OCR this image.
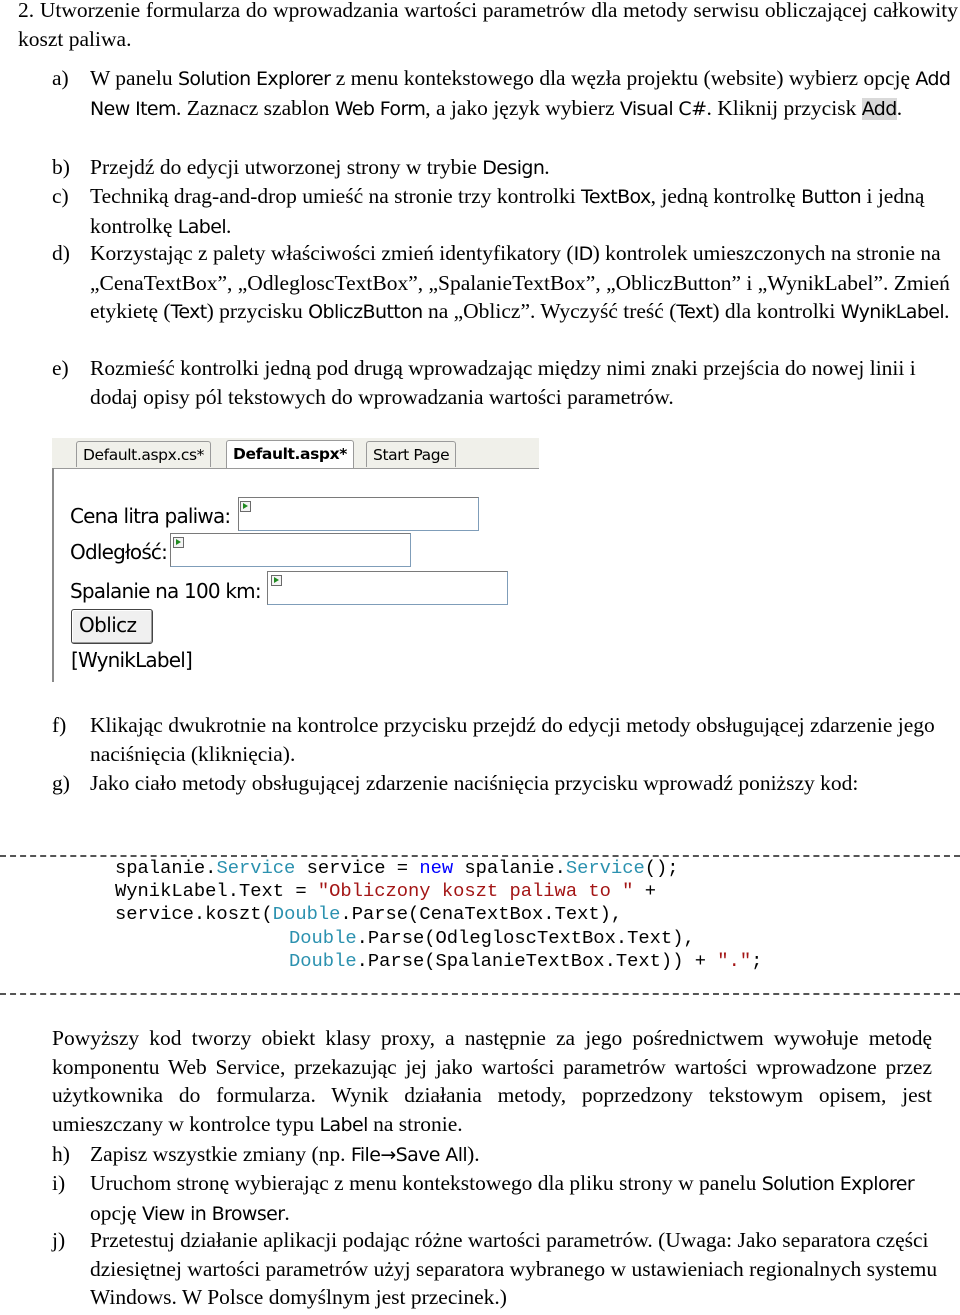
2. Utworzenie formularza do wprowadzania wartości parametrów dla metody serwisu obliczającej całkowity koszt paliwa.
a) W panelu Solution Explorer z menu kontekstowego dla węzła projektu (website) wybierz opcję Add New Item. Zaznacz szablon Web Form, a jako język wybierz Visual C#. Kliknij przycisk Add.
b) Przejdź do edycji utworzonej strony w trybie Design.
c) Techniką drag-and-drop umieść na stronie trzy kontrolki TextBox, jedną kontrolkę Button i jedną kontrolkę Label.
d) Korzystając z palety właściwości zmień identyfikatory (ID) kontrolek umieszczonych na stronie na „CenaTextBox”, „OdlegloscTextBox”, „SpalanieTextBox”, „ObliczButton” i „WynikLabel”. Zmień etykietę (Text) przycisku ObliczButton na „Oblicz”. Wyczyść treść (Text) dla kontrolki WynikLabel.
e) Rozmieść kontrolki jedną pod drugą wprowadzając między nimi znaki przejścia do nowej linii i dodaj opisy pól tekstowych do wprowadzania wartości parametrów.
Default.aspx.cs*	Default.aspx*	Start Page
Cena litra paliwa:
Odległość:
Spalanie na 100 km:
Oblicz
[WynikLabel]
f) Klikając dwukrotnie na kontrolce przycisku przejdź do edycji metody obsługującej zdarzenie jego naciśnięcia (kliknięcia).
g) Jako ciało metody obsługującej zdarzenie naciśnięcia przycisku wprowadź poniższy kod:
spalanie.Service service = new spalanie.Service();
WynikLabel.Text = "Obliczony koszt paliwa to " +
service.koszt(Double.Parse(CenaTextBox.Text),
Double.Parse(OdlegloscTextBox.Text),
Double.Parse(SpalanieTextBox.Text)) + ".";
Powyższy kod tworzy obiekt klasy proxy, a następnie za jego pośrednictwem wywołuje metodę komponentu Web Service, przekazując jej jako wartości parametrów wartości wprowadzone przez użytkownika do formularza. Wynik działania metody, poprzedzony tekstowym opisem, jest umieszczany w kontrolce typu Label na stronie.
h) Zapisz wszystkie zmiany (np. File→Save All).
i) Uruchom stronę wybierając z menu kontekstowego dla pliku strony w panelu Solution Explorer opcję View in Browser.
j) Przetestuj działanie aplikacji podając różne wartości parametrów. (Uwaga: Jako separatora części dziesiętnej wartości parametrów użyj separatora wybranego w ustawieniach regionalnych systemu Windows. W Polsce domyślnym jest przecinek.)
